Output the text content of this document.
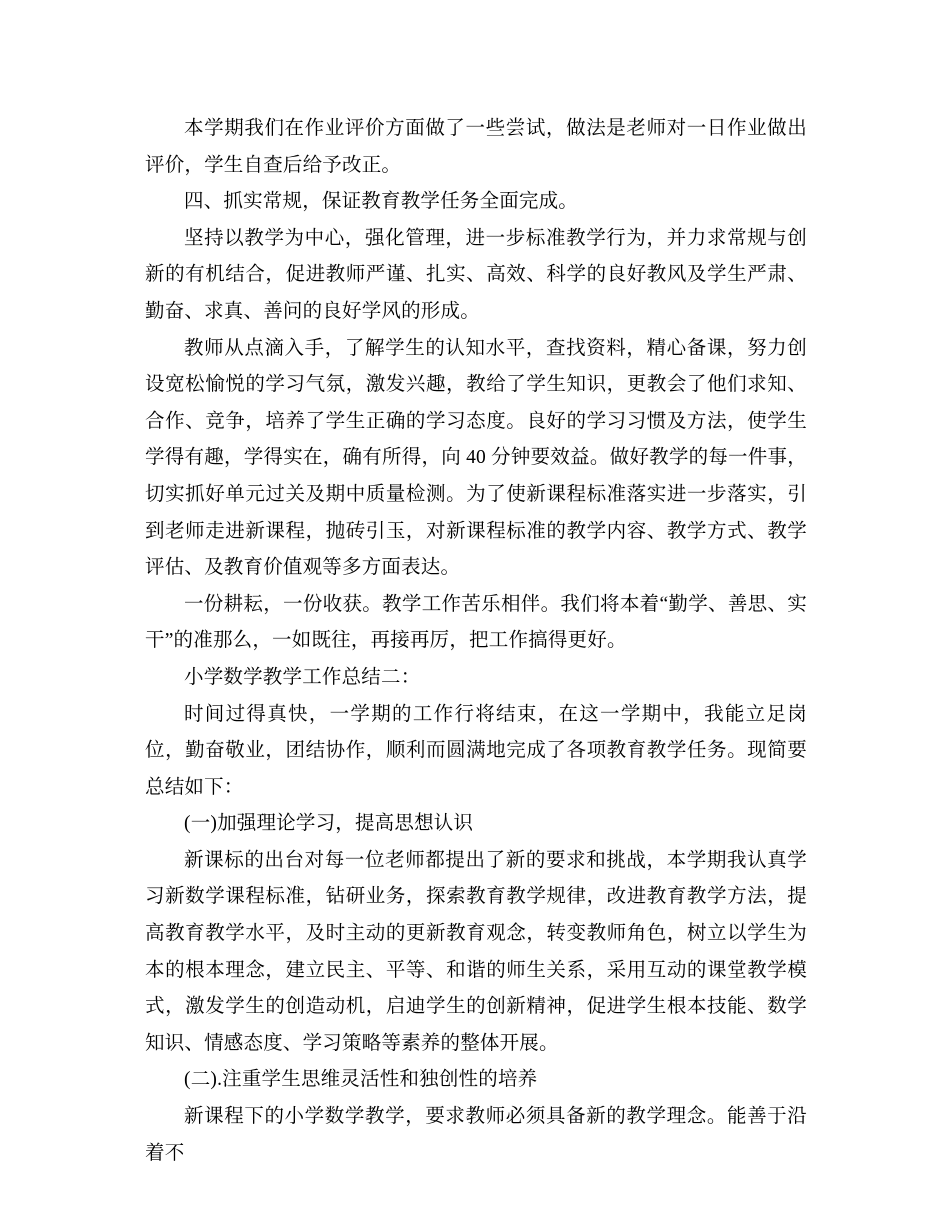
本学期我们在作业评价方面做了一些尝试，做法是老师对一日作业做出评价，学生自查后给予改正。

四、抓实常规，保证教育教学任务全面完成。

坚持以教学为中心，强化管理，进一步标准教学行为，并力求常规与创新的有机结合，促进教师严谨、扎实、高效、科学的良好教风及学生严肃、勤奋、求真、善问的良好学风的形成。

教师从点滴入手，了解学生的认知水平，查找资料，精心备课，努力创设宽松愉悦的学习气氛，激发兴趣，教给了学生知识，更教会了他们求知、合作、竞争，培养了学生正确的学习态度。良好的学习习惯及方法，使学生学得有趣，学得实在，确有所得，向 40 分钟要效益。做好教学的每一件事，切实抓好单元过关及期中质量检测。为了使新课程标准落实进一步落实，引到老师走进新课程，抛砖引玉，对新课程标准的教学内容、教学方式、教学评估、及教育价值观等多方面表达。

一份耕耘，一份收获。教学工作苦乐相伴。我们将本着“勤学、善思、实干”的准那么，一如既往，再接再厉，把工作搞得更好。

小学数学教学工作总结二：

时间过得真快，一学期的工作行将结束，在这一学期中，我能立足岗位，勤奋敬业，团结协作，顺利而圆满地完成了各项教育教学任务。现简要总结如下：

(一)加强理论学习，提高思想认识

新课标的出台对每一位老师都提出了新的要求和挑战，本学期我认真学习新数学课程标准，钻研业务，探索教育教学规律，改进教育教学方法，提高教育教学水平，及时主动的更新教育观念，转变教师角色，树立以学生为本的根本理念，建立民主、平等、和谐的师生关系，采用互动的课堂教学模式，激发学生的创造动机，启迪学生的创新精神，促进学生根本技能、数学知识、情感态度、学习策略等素养的整体开展。

(二).注重学生思维灵活性和独创性的培养

新课程下的小学数学教学，要求教师必须具备新的教学理念。能善于沿着不
